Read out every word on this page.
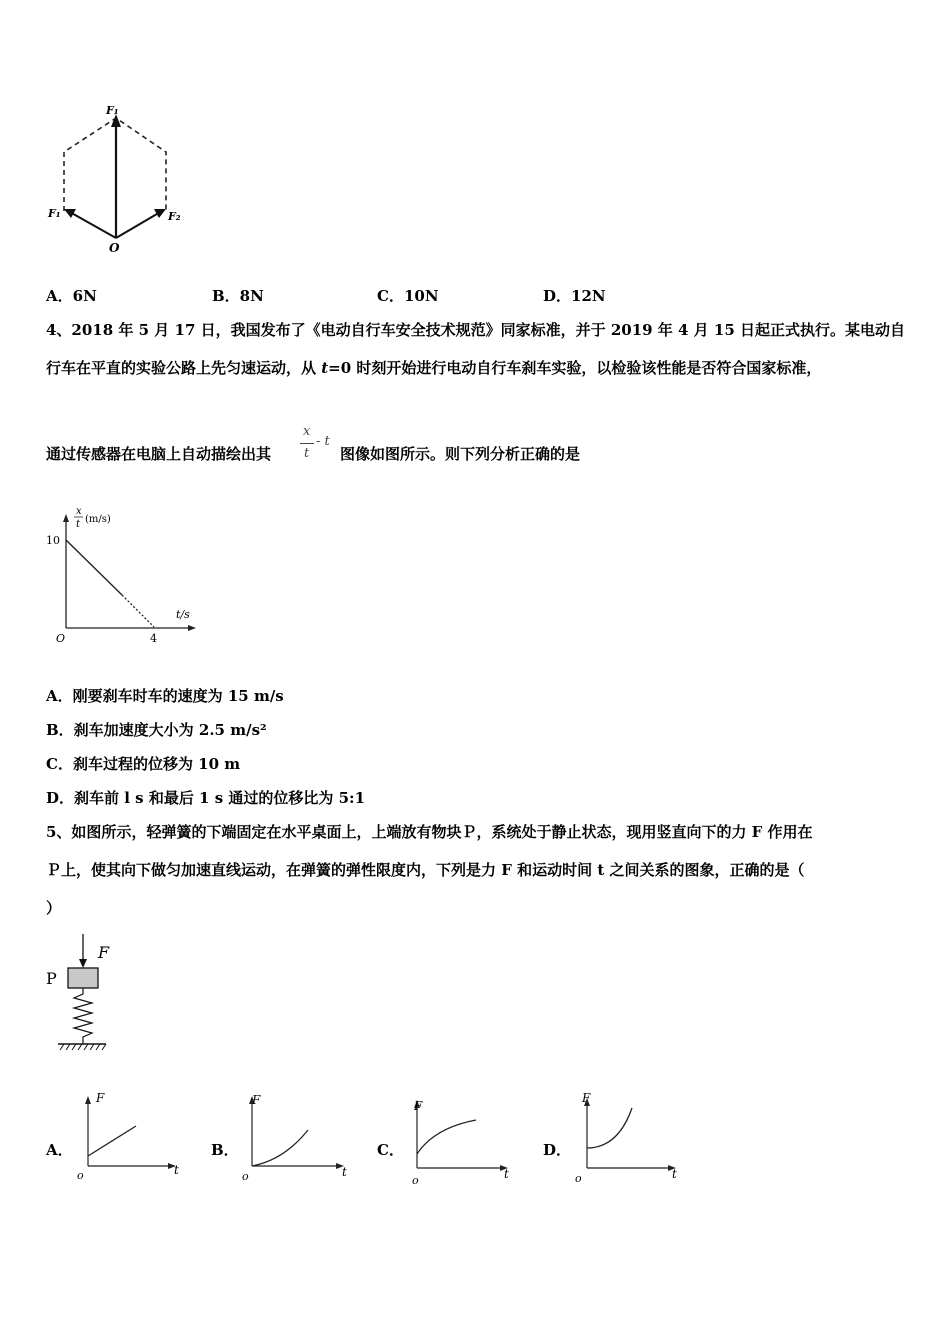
F₁
F₁	F₂
O
A．6N	B．8N	C．10N	D．12N
4、2018 年 5 月 17 日，我国发布了《电动自行车安全技术规范》同家标准，并于 2019 年 4 月 15 日起正式执行。某电动自
行车在平直的实验公路上先匀速运动，从 t=0 时刻开始进行电动自行车刹车实验，以检验该性能是否符合国家标准，
通过传感器在电脑上自动描绘出其
x
t
- t
图像如图所示。则下列分析正确的是
x
t (m/s)
10
4
t/s
O
A．刚要刹车时车的速度为 15 m/s
B．刹车加速度大小为 2.5 m/s²
C．刹车过程的位移为 10 m
D．刹车前 l s 和最后 1 s 通过的位移比为 5:1
5、如图所示，轻弹簧的下端固定在水平桌面上，上端放有物块Ｐ，系统处于静止状态，现用竖直向下的力 F 作用在
Ｐ上，使其向下做匀加速直线运动，在弹簧的弹性限度内，下列是力 F 和运动时间 t 之间关系的图象，正确的是（
）
F
P
A．
F
t
o
B．
F
t
o
C．
F
t
o
D．
F
t
o
